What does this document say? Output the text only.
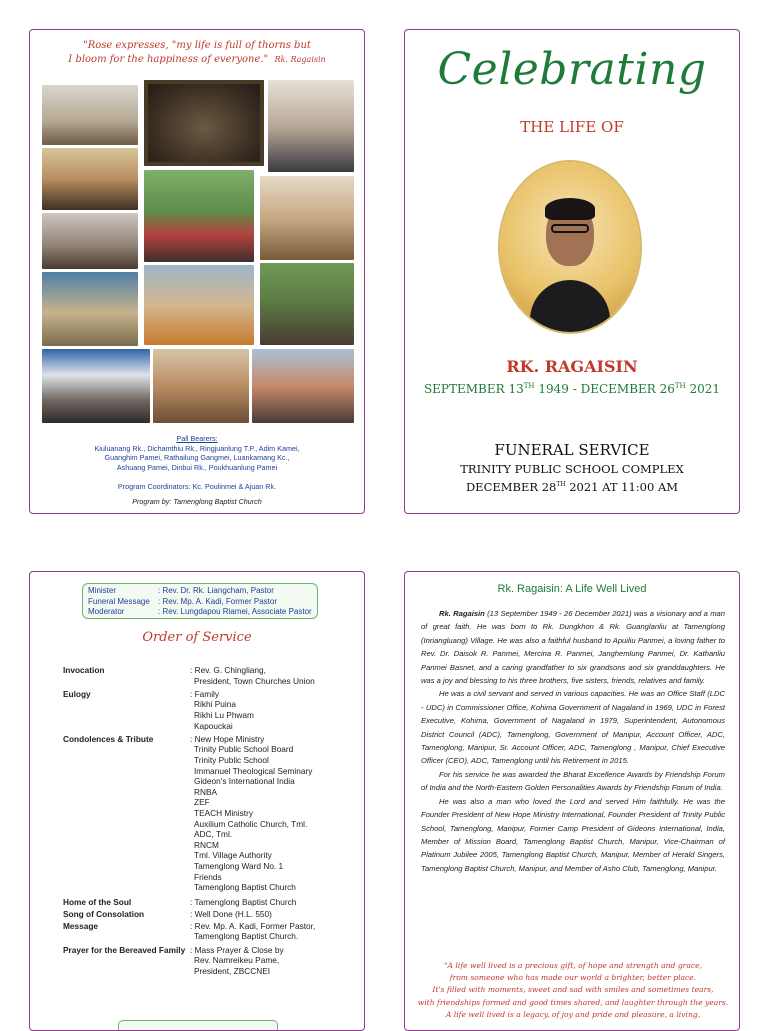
"Rose expresses, "my life is full of thorns but
I bloom for the happiness of everyone." Rk. Ragaisin
Pall Bearers:
Kiuluanang Rk., Dichamthiu Rk., Ringjuanlung T.P., Adim Kamei,
Guanghim Pamei, Rathailung Gangmei, Luankamang Kc.,
Ashuang Pamei, Dinbui Rk., Poukhuanlung Pamei
Program Coordinators: Kc. Poulinmei & Ajuan Rk.
Program by: Tamenglong Baptist Church
Celebrating
THE LIFE OF
RK. RAGAISIN
SEPTEMBER 13TH 1949 - DECEMBER 26TH 2021
FUNERAL SERVICE
TRINITY PUBLIC SCHOOL COMPLEX
DECEMBER 28TH 2021 AT 11:00 AM
Minister	: Rev. Dr. Rk. Liangcham, Pastor
Funeral Message	: Rev. Mp. A. Kadi, Former Pastor
Moderator	: Rev. Lungdapou Riamei, Associate Pastor
Order of Service
Invocation	: Rev. G. Chingliang,
President, Town Churches Union
Eulogy	: Family
Rikhi Puina
Rikhi Lu Phwam
Kapouckai
Condolences & Tribute	: New Hope Ministry
Trinity Public School Board
Trinity Public School
Immanuel Theological Seminary
Gideon's International India
RNBA
ZEF
TEACH Ministry
Auxilium Catholic Church, Tml.
ADC, Tml.
RNCM
Tml. Village Authority
Tamenglong Ward No. 1
Friends
Tamenglong Baptist Church
Home of the Soul	: Tamenglong Baptist Church
Song of Consolation	: Well Done (H.L. 550)
Message	: Rev. Mp. A. Kadi, Former Pastor,
Tamenglong Baptist Church.
Prayer for the Bereaved Family : Mass Prayer & Close by
Rev. Namreikeu Pame,
President, ZBCCNEI
Rk. Ragaisin: A Life Well Lived

Rk. Ragaisin (13 September 1949 - 26 December 2021) was a visionary and a man of great faith. He was born to Rk. Dungkhon & Rk. Guanglanliu at Tamenglong (Inriangluang) Village. He was also a faithful husband to Apuiliu Panmei, a loving father to Rev. Dr. Daisok R. Panmei, Mercina R. Panmei, Janghemlung Panmei, Dr. Kathanliu Panmei Basnet, and a caring grandfather to six grandsons and six granddaughters. He was a joy and blessing to his three brothers, five sisters, friends, relatives and family.

He was a civil servant and served in various capacities. He was an Office Staff (LDC - UDC) in Commissioner Office, Kohima Government of Nagaland in 1969, UDC in Forest Executive, Kohima, Government of Nagaland in 1979, Superintendent, Autonomous District Council (ADC), Tamenglong, Government of Manipur, Account Officer, ADC, Tamenglong, Manipur, Sr. Account Officer, ADC, Tamenglong , Manipur, Chief Executive Officer (CEO), ADC, Tamenglong until his Retirement in 2015.

For his service he was awarded the Bharat Excellence Awards by Friendship Forum of India and the North-Eastern Golden Personalities Awards by Friendship Forum of India.

He was also a man who loved the Lord and served Him faithfully. He was the Founder President of New Hope Ministry International, Founder President of Trinity Public School, Tamenglong, Manipur, Former Camp President of Gideons International, India, Member of Mission Board, Tamenglong Baptist Church, Manipur, Vice-Chairman of Platinum Jubilee 2005, Tamenglong Baptist Church, Manipur, Member of Herald Singers, Tamenglong Baptist Church, Manipur, and Member of Asho Club, Tamenglong, Manipur.

"A life well lived is a precious gift, of hope and strength and grace,
from someone who has made our world a brighter, better place.
It's filled with moments, sweet and sad with smiles and sometimes tears,
with friendships formed and good times shared, and laughter through the years.
A life well lived is a legacy, of joy and pride and pleasure, a living,
